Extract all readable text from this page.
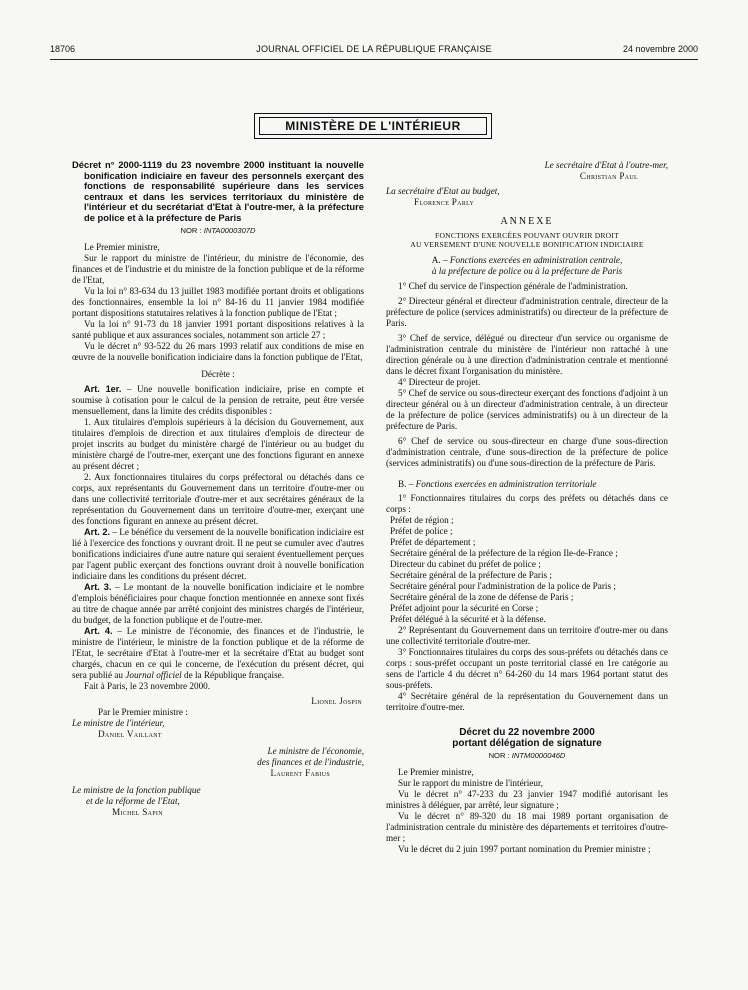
18706	JOURNAL OFFICIEL DE LA RÉPUBLIQUE FRANÇAISE	24 novembre 2000
MINISTÈRE DE L'INTÉRIEUR

Décret n° 2000-1119 du 23 novembre 2000 instituant la nouvelle bonification indiciaire en faveur des personnels exerçant des fonctions de responsabilité supérieure dans les services centraux et dans les services territoriaux du ministère de l'intérieur et du secrétariat d'Etat à l'outre-mer, à la préfecture de police et à la préfecture de Paris

NOR : INTA0000307D

Le Premier ministre,

Sur le rapport du ministre de l'intérieur, du ministre de l'économie, des finances et de l'industrie et du ministre de la fonction publique et de la réforme de l'Etat,

Vu la loi n° 83-634 du 13 juillet 1983 modifiée portant droits et obligations des fonctionnaires, ensemble la loi n° 84-16 du 11 janvier 1984 modifiée portant dispositions statutaires relatives à la fonction publique de l'Etat ;

Vu la loi n° 91-73 du 18 janvier 1991 portant dispositions relatives à la santé publique et aux assurances sociales, notamment son article 27 ;

Vu le décret n° 93-522 du 26 mars 1993 relatif aux conditions de mise en œuvre de la nouvelle bonification indiciaire dans la fonction publique de l'Etat,

Décrète :

Art. 1er. – Une nouvelle bonification indiciaire, prise en compte et soumise à cotisation pour le calcul de la pension de retraite, peut être versée mensuellement, dans la limite des crédits disponibles :

1. Aux titulaires d'emplois supérieurs à la décision du Gouvernement, aux titulaires d'emplois de direction et aux titulaires d'emplois de directeur de projet inscrits au budget du ministère chargé de l'intérieur ou au budget du ministère chargé de l'outre-mer, exerçant une des fonctions figurant en annexe au présent décret ;

2. Aux fonctionnaires titulaires du corps préfectoral ou détachés dans ce corps, aux représentants du Gouvernement dans un territoire d'outre-mer ou dans une collectivité territoriale d'outre-mer et aux secrétaires généraux de la représentation du Gouvernement dans un territoire d'outre-mer, exerçant une des fonctions figurant en annexe au présent décret.

Art. 2. – Le bénéfice du versement de la nouvelle bonification indiciaire est lié à l'exercice des fonctions y ouvrant droit. Il ne peut se cumuler avec d'autres bonifications indiciaires d'une autre nature qui seraient éventuellement perçues par l'agent public exerçant des fonctions ouvrant droit à nouvelle bonification indiciaire dans les conditions du présent décret.

Art. 3. – Le montant de la nouvelle bonification indiciaire et le nombre d'emplois bénéficiaires pour chaque fonction mentionnée en annexe sont fixés au titre de chaque année par arrêté conjoint des ministres chargés de l'intérieur, du budget, de la fonction publique et de l'outre-mer.

Art. 4. – Le ministre de l'économie, des finances et de l'industrie, le ministre de l'intérieur, le ministre de la fonction publique et de la réforme de l'Etat, le secrétaire d'Etat à l'outre-mer et la secrétaire d'Etat au budget sont chargés, chacun en ce qui le concerne, de l'exécution du présent décret, qui sera publié au Journal officiel de la République française.

Fait à Paris, le 23 novembre 2000.

Lionel Jospin

Par le Premier ministre :

Le ministre de l'intérieur,

Daniel Vaillant

Le ministre de l'économie,

des finances et de l'industrie,

Laurent Fabius

Le ministre de la fonction publique

et de la réforme de l'Etat,

Michel Sapin

Le secrétaire d'Etat à l'outre-mer,

Christian Paul

La secrétaire d'Etat au budget,

Florence Parly

ANNEXE

FONCTIONS EXERCÉES POUVANT OUVRIR DROIT

AU VERSEMENT D'UNE NOUVELLE BONIFICATION INDICIAIRE

A. – Fonctions exercées en administration centrale,

à la préfecture de police ou à la préfecture de Paris

1° Chef du service de l'inspection générale de l'administration.

2° Directeur général et directeur d'administration centrale, directeur de la préfecture de police (services administratifs) ou directeur de la préfecture de Paris.

3° Chef de service, délégué ou directeur d'un service ou organisme de l'administration centrale du ministère de l'intérieur non rattaché à une direction générale ou à une direction d'administration centrale et mentionné dans le décret fixant l'organisation du ministère.

4° Directeur de projet.

5° Chef de service ou sous-directeur exerçant des fonctions d'adjoint à un directeur général ou à un directeur d'administration centrale, à un directeur de la préfecture de police (services administratifs) ou à un directeur de la préfecture de Paris.

6° Chef de service ou sous-directeur en charge d'une sous-direction d'administration centrale, d'une sous-direction de la préfecture de police (services administratifs) ou d'une sous-direction de la préfecture de Paris.

B. – Fonctions exercées en administration territoriale

1° Fonctionnaires titulaires du corps des préfets ou détachés dans ce corps :

Préfet de région ;

Préfet de police ;

Préfet de département ;

Secrétaire général de la préfecture de la région Ile-de-France ;

Directeur du cabinet du préfet de police ;

Secrétaire général de la préfecture de Paris ;

Secrétaire général pour l'administration de la police de Paris ;

Secrétaire général de la zone de défense de Paris ;

Préfet adjoint pour la sécurité en Corse ;

Préfet délégué à la sécurité et à la défense.

2° Représentant du Gouvernement dans un territoire d'outre-mer ou dans une collectivité territoriale d'outre-mer.

3° Fonctionnaires titulaires du corps des sous-préfets ou détachés dans ce corps : sous-préfet occupant un poste territorial classé en 1re catégorie au sens de l'article 4 du décret n° 64-260 du 14 mars 1964 portant statut des sous-préfets.

4° Secrétaire général de la représentation du Gouvernement dans un territoire d'outre-mer.

Décret du 22 novembre 2000

portant délégation de signature

NOR : INTM0000046D

Le Premier ministre,

Sur le rapport du ministre de l'intérieur,

Vu le décret n° 47-233 du 23 janvier 1947 modifié autorisant les ministres à déléguer, par arrêté, leur signature ;

Vu le décret n° 89-320 du 18 mai 1989 portant organisation de l'administration centrale du ministère des départements et territoires d'outre-mer ;

Vu le décret du 2 juin 1997 portant nomination du Premier ministre ;
